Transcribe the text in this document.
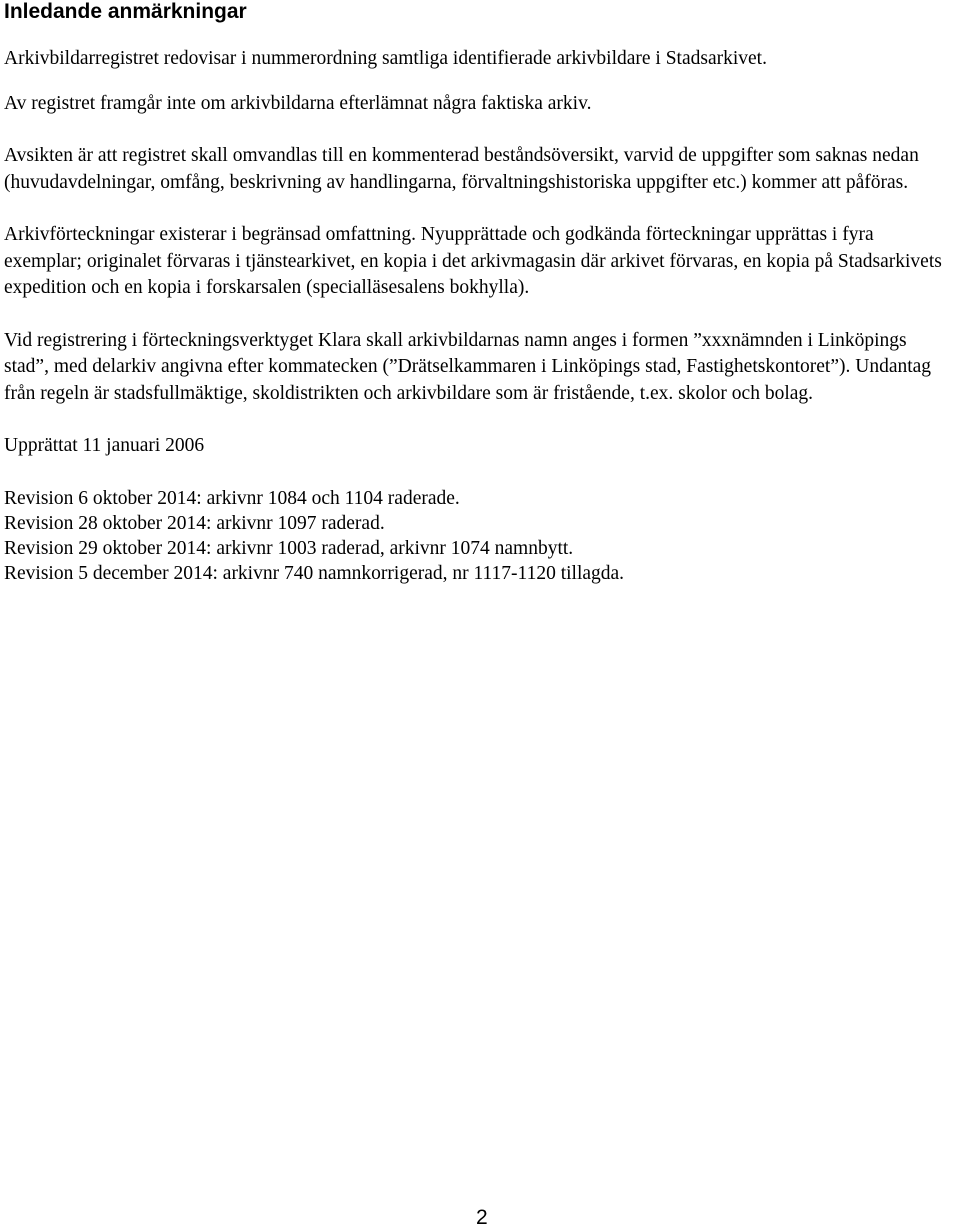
Inledande anmärkningar

Arkivbildarregistret redovisar i nummerordning samtliga identifierade arkivbildare i Stadsarkivet.

Av registret framgår inte om arkivbildarna efterlämnat några faktiska arkiv.

Avsikten är att registret skall omvandlas till en kommenterad beståndsöversikt, varvid de uppgifter som saknas nedan (huvudavdelningar, omfång, beskrivning av handlingarna, förvaltningshistoriska uppgifter etc.) kommer att påföras.

Arkivförteckningar existerar i begränsad omfattning. Nyupprättade och godkända förteckningar upprättas i fyra exemplar; originalet förvaras i tjänstearkivet, en kopia i det arkivmagasin där arkivet förvaras, en kopia på Stadsarkivets expedition och en kopia i forskarsalen (specialläsesalens bokhylla).

Vid registrering i förteckningsverktyget Klara skall arkivbildarnas namn anges i formen ”xxxnämnden i Linköpings stad”, med delarkiv angivna efter kommatecken (”Drätselkammaren i Linköpings stad, Fastighetskontoret”). Undantag från regeln är stadsfullmäktige, skoldistrikten och arkivbildare som är fristående, t.ex. skolor och bolag.

Upprättat 11 januari 2006

Revision 6 oktober 2014: arkivnr 1084 och 1104 raderade.
Revision 28 oktober 2014: arkivnr 1097 raderad.
Revision 29 oktober 2014: arkivnr 1003 raderad, arkivnr 1074 namnbytt.
Revision 5 december 2014: arkivnr 740 namnkorrigerad, nr 1117-1120 tillagda.
2
